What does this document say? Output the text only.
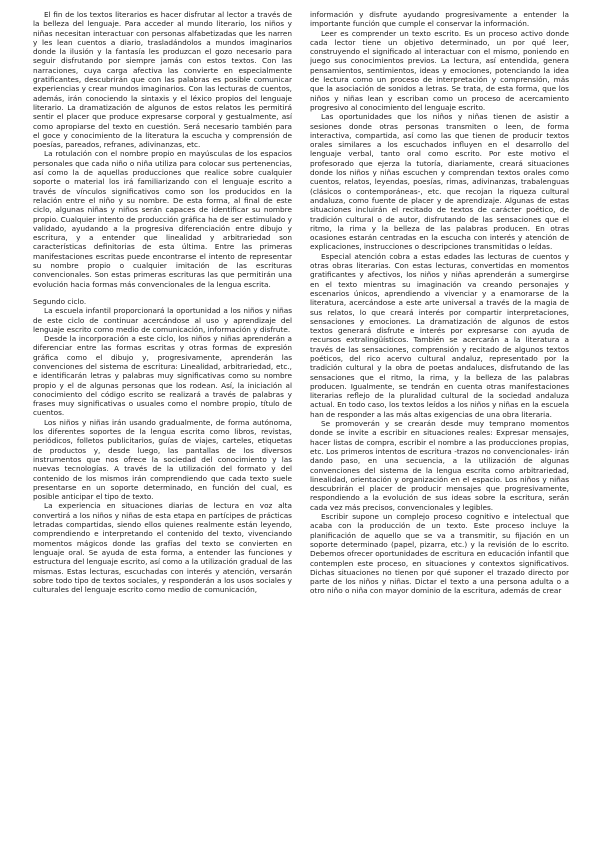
El fin de los textos literarios es hacer disfrutar al lector a través de la belleza del lenguaje. Para acceder al mundo literario, los niños y niñas necesitan interactuar con personas alfabetizadas que les narren y les lean cuentos a diario, trasladándolos a mundos imaginarios donde la ilusión y la fantasía les produzcan el gozo necesario para seguir disfrutando por siempre jamás con estos textos. Con las narraciones, cuya carga afectiva las convierte en especialmente gratificantes, descubrirán que con las palabras es posible comunicar experiencias y crear mundos imaginarios. Con las lecturas de cuentos, además, irán conociendo la sintaxis y el léxico propios del lenguaje literario. La dramatización de algunos de estos relatos les permitirá sentir el placer que produce expresarse corporal y gestualmente, así como apropiarse del texto en cuestión. Será necesario también para el goce y conocimiento de la literatura la escucha y comprensión de poesías, pareados, refranes, adivinanzas, etc.

La rotulación con el nombre propio en mayúsculas de los espacios personales que cada niño o niña utiliza para colocar sus pertenencias, así como la de aquellas producciones que realice sobre cualquier soporte o material los irá familiarizando con el lenguaje escrito a través de vínculos significativos como son los producidos en la relación entre el niño y su nombre. De esta forma, al final de este ciclo, algunas niñas y niños serán capaces de identificar su nombre propio. Cualquier intento de producción gráfica ha de ser estimulado y validado, ayudando a la progresiva diferenciación entre dibujo y escritura, y a entender que linealidad y arbitrariedad son características definitorias de esta última. Entre las primeras manifestaciones escritas puede encontrarse el intento de representar su nombre propio o cualquier imitación de las escrituras convencionales. Son estas primeras escrituras las que permitirán una evolución hacia formas más convencionales de la lengua escrita.

Segundo ciclo.

La escuela infantil proporcionará la oportunidad a los niños y niñas de este ciclo de continuar acercándose al uso y aprendizaje del lenguaje escrito como medio de comunicación, información y disfrute.

Desde la incorporación a este ciclo, los niños y niñas aprenderán a diferenciar entre las formas escritas y otras formas de expresión gráfica como el dibujo y, progresivamente, aprenderán las convenciones del sistema de escritura: Linealidad, arbitrariedad, etc., e identificarán letras y palabras muy significativas como su nombre propio y el de algunas personas que los rodean. Así, la iniciación al conocimiento del código escrito se realizará a través de palabras y frases muy significativas o usuales como el nombre propio, título de cuentos.

Los niños y niñas irán usando gradualmente, de forma autónoma, los diferentes soportes de la lengua escrita como libros, revistas, periódicos, folletos publicitarios, guías de viajes, carteles, etiquetas de productos y, desde luego, las pantallas de los diversos instrumentos que nos ofrece la sociedad del conocimiento y las nuevas tecnologías. A través de la utilización del formato y del contenido de los mismos irán comprendiendo que cada texto suele presentarse en un soporte determinado, en función del cual, es posible anticipar el tipo de texto.

La experiencia en situaciones diarias de lectura en voz alta convertirá a los niños y niñas de esta etapa en partícipes de prácticas letradas compartidas, siendo ellos quienes realmente están leyendo, comprendiendo e interpretando el contenido del texto, vivenciando momentos mágicos donde las grafías del texto se convierten en lenguaje oral. Se ayuda de esta forma, a entender las funciones y estructura del lenguaje escrito, así como a la utilización gradual de las mismas. Estas lecturas, escuchadas con interés y atención, versarán sobre todo tipo de textos sociales, y responderán a los usos sociales y culturales del lenguaje escrito como medio de comunicación,

información y disfrute ayudando progresivamente a entender la importante función que cumple el conservar la información.

Leer es comprender un texto escrito. Es un proceso activo donde cada lector tiene un objetivo determinado, un por qué leer, construyendo el significado al interactuar con el mismo, poniendo en juego sus conocimientos previos. La lectura, así entendida, genera pensamientos, sentimientos, ideas y emociones, potenciando la idea de lectura como un proceso de interpretación y comprensión, más que la asociación de sonidos a letras. Se trata, de esta forma, que los niños y niñas lean y escriban como un proceso de acercamiento progresivo al conocimiento del lenguaje escrito.

Las oportunidades que los niños y niñas tienen de asistir a sesiones donde otras personas transmiten o leen, de forma interactiva, compartida, así como las que tienen de producir textos orales similares a los escuchados influyen en el desarrollo del lenguaje verbal, tanto oral como escrito. Por este motivo el profesorado que ejerza la tutoría, diariamente, creará situaciones donde los niños y niñas escuchen y comprendan textos orales como cuentos, relatos, leyendas, poesías, rimas, adivinanzas, trabalenguas (clásicos o contemporáneas-, etc. que recojan la riqueza cultural andaluza, como fuente de placer y de aprendizaje. Algunas de estas situaciones incluirán el recitado de textos de carácter poético, de tradición cultural o de autor, disfrutando de las sensaciones que el ritmo, la rima y la belleza de las palabras producen. En otras ocasiones estarán centradas en la escucha con interés y atención de explicaciones, instrucciones o descripciones transmitidas o leídas.

Especial atención cobra a estas edades las lecturas de cuentos y otras obras literarias. Con estas lecturas, convertidas en momentos gratificantes y afectivos, los niños y niñas aprenderán a sumergirse en el texto mientras su imaginación va creando personajes y escenarios únicos, aprendiendo a vivenciar y a enamorarse de la literatura, acercándose a este arte universal a través de la magia de sus relatos, lo que creará interés por compartir interpretaciones, sensaciones y emociones. La dramatización de algunos de estos textos generará disfrute e interés por expresarse con ayuda de recursos extralingüísticos. También se acercarán a la literatura a través de las sensaciones, comprensión y recitado de algunos textos poéticos, del rico acervo cultural andaluz, representado por la tradición cultural y la obra de poetas andaluces, disfrutando de las sensaciones que el ritmo, la rima, y la belleza de las palabras producen. Igualmente, se tendrán en cuenta otras manifestaciones literarias reflejo de la pluralidad cultural de la sociedad andaluza actual. En todo caso, los textos leídos a los niños y niñas en la escuela han de responder a las más altas exigencias de una obra literaria.

Se promoverán y se crearán desde muy temprano momentos donde se invite a escribir en situaciones reales: Expresar mensajes, hacer listas de compra, escribir el nombre a las producciones propias, etc. Los primeros intentos de escritura -trazos no convencionales- irán dando paso, en una secuencia, a la utilización de algunas convenciones del sistema de la lengua escrita como arbitrariedad, linealidad, orientación y organización en el espacio. Los niños y niñas descubrirán el placer de producir mensajes que progresivamente, respondiendo a la evolución de sus ideas sobre la escritura, serán cada vez más precisos, convencionales y legibles.

Escribir supone un complejo proceso cognitivo e intelectual que acaba con la producción de un texto. Este proceso incluye la planificación de aquello que se va a transmitir, su fijación en un soporte determinado (papel, pizarra, etc.) y la revisión de lo escrito. Debemos ofrecer oportunidades de escritura en educación infantil que contemplen este proceso, en situaciones y contextos significativos. Dichas situaciones no tienen por qué suponer el trazado directo por parte de los niños y niñas. Dictar el texto a una persona adulta o a otro niño o niña con mayor dominio de la escritura, además de crear
